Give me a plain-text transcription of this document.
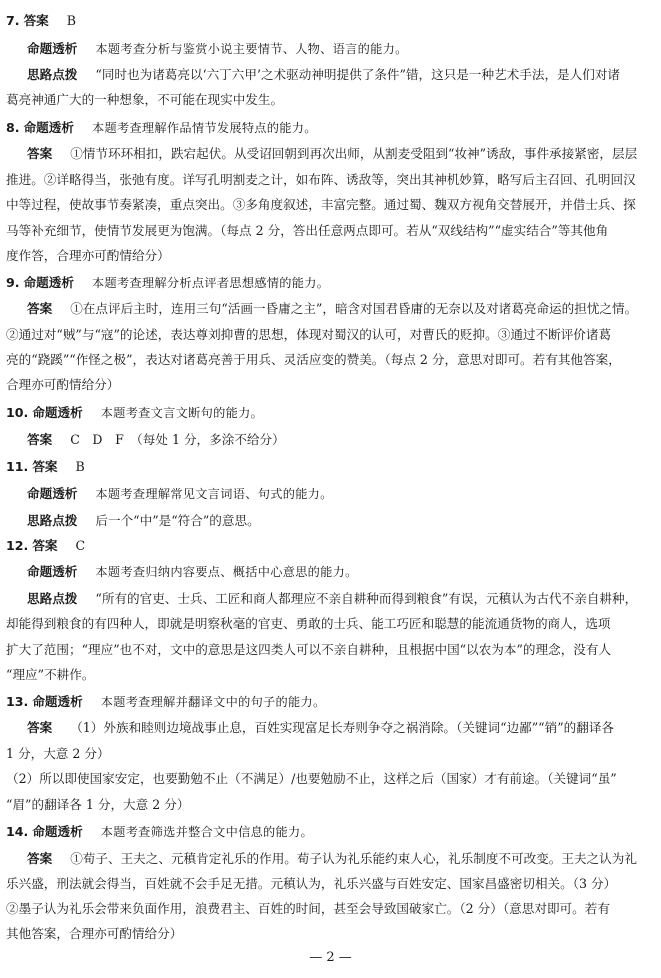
7. 答案 B
命题透析 本题考查分析与鉴赏小说主要情节、人物、语言的能力。
思路点拨 “同时也为诸葛亮以‘六丁六甲’之术驱动神明提供了条件”错，这只是一种艺术手法，是人们对诸
葛亮神通广大的一种想象，不可能在现实中发生。
8. 命题透析 本题考查理解作品情节发展特点的能力。
答案 ①情节环环相扣，跌宕起伏。从受诏回朝到再次出师，从割麦受阻到“妆神”诱敌，事件承接紧密，层层
推进。②详略得当，张弛有度。详写孔明割麦之计，如布阵、诱敌等，突出其神机妙算，略写后主召回、孔明回汉
中等过程，使故事节奏紧凑，重点突出。③多角度叙述，丰富完整。通过蜀、魏双方视角交替展开，并借士兵、探
马等补充细节，使情节发展更为饱满。（每点 2 分，答出任意两点即可。若从“双线结构”“虚实结合”等其他角
度作答，合理亦可酌情给分）
9. 命题透析 本题考查理解分析点评者思想感情的能力。
答案 ①在点评后主时，连用三句“活画一昏庸之主”，暗含对国君昏庸的无奈以及对诸葛亮命运的担忧之情。
②通过对“贼”与“寇”的论述，表达尊刘抑曹的思想，体现对蜀汉的认可，对曹氏的贬抑。③通过不断评价诸葛
亮的“跷蹊”“作怪之极”，表达对诸葛亮善于用兵、灵活应变的赞美。（每点 2 分，意思对即可。若有其他答案，
合理亦可酌情给分）
10. 命题透析 本题考查文言文断句的能力。
答案 C　D　F　（每处 1 分，多涂不给分）
11. 答案 B
命题透析 本题考查理解常见文言词语、句式的能力。
思路点拨 后一个“中”是“符合”的意思。
12. 答案 C
命题透析 本题考查归纳内容要点、概括中心意思的能力。
思路点拨 “所有的官吏、士兵、工匠和商人都理应不亲自耕种而得到粮食”有误，元稹认为古代不亲自耕种，
却能得到粮食的有四种人，即就是明察秋毫的官吏、勇敢的士兵、能工巧匠和聪慧的能流通货物的商人，选项
扩大了范围；“理应”也不对，文中的意思是这四类人可以不亲自耕种，且根据中国“以农为本”的理念，没有人
“理应”不耕作。
13. 命题透析 本题考查理解并翻译文中的句子的能力。
答案 （1）外族和睦则边境战事止息，百姓实现富足长寿则争夺之祸消除。（关键词“边鄙”“销”的翻译各
1 分，大意 2 分）
（2）所以即使国家安定，也要勤勉不止（不满足）/也要勉励不止，这样之后（国家）才有前途。（关键词“虽”
“眉”的翻译各 1 分，大意 2 分）
14. 命题透析 本题考查筛选并整合文中信息的能力。
答案 ①荀子、王夫之、元稹肯定礼乐的作用。荀子认为礼乐能约束人心，礼乐制度不可改变。王夫之认为礼
乐兴盛，刑法就会得当，百姓就不会手足无措。元稹认为，礼乐兴盛与百姓安定、国家昌盛密切相关。（3 分）
②墨子认为礼乐会带来负面作用，浪费君主、百姓的时间，甚至会导致国破家亡。（2 分）（意思对即可。若有
其他答案，合理亦可酌情给分）
— 2 —
